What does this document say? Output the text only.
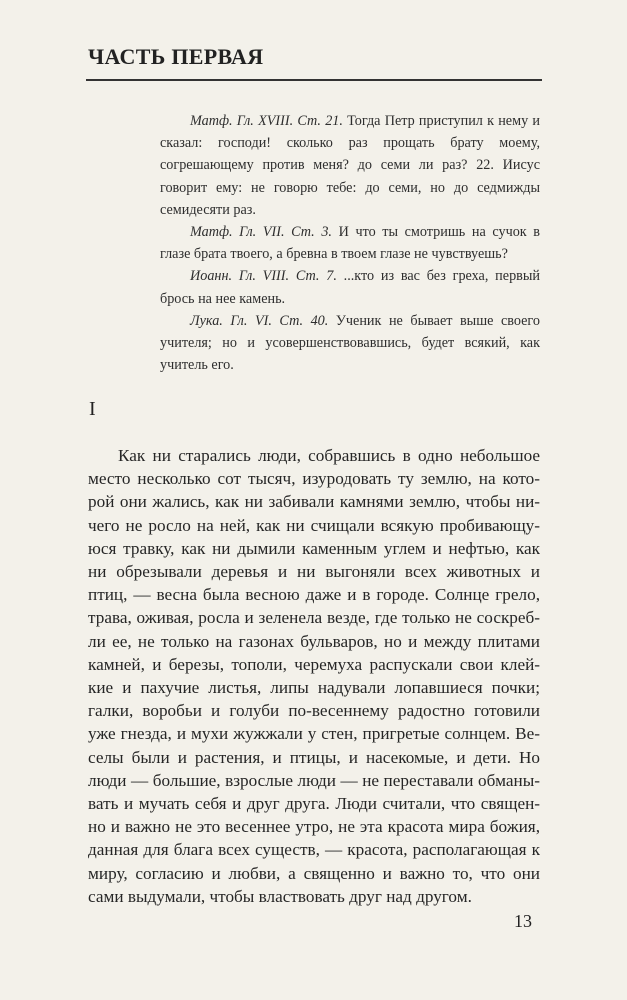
ЧАСТЬ ПЕРВАЯ

Матф. Гл. XVIII. Ст. 21. Тогда Петр приступил к нему и сказал: господи! сколько раз прощать брату моему, согрешающему против меня? до семи ли раз? 22. Иисус говорит ему: не говорю тебе: до семи, но до седмижды семидесяти раз.

Матф. Гл. VII. Ст. 3. И что ты смотришь на сучок в глазе брата твоего, а бревна в твоем глазе не чувствуешь?

Иоанн. Гл. VIII. Ст. 7. ...кто из вас без греха, первый брось на нее камень.

Лука. Гл. VI. Ст. 40. Ученик не бывает выше своего учителя; но и усовершенствовавшись, будет всякий, как учитель его.

I
Как ни старались люди, собравшись в одно небольшое
место несколько сот тысяч, изуродовать ту землю, на кото-
рой они жались, как ни забивали камнями землю, чтобы ни-
чего не росло на ней, как ни счищали всякую пробивающу-
юся травку, как ни дымили каменным углем и нефтью, как
ни обрезывали деревья и ни выгоняли всех животных и
птиц, — весна была весною даже и в городе. Солнце грело,
трава, оживая, росла и зеленела везде, где только не соскреб-
ли ее, не только на газонах бульваров, но и между плитами
камней, и березы, тополи, черемуха распускали свои клей-
кие и пахучие листья, липы надували лопавшиеся почки;
галки, воробьи и голуби по-весеннему радостно готовили
уже гнезда, и мухи жужжали у стен, пригретые солнцем. Ве-
селы были и растения, и птицы, и насекомые, и дети. Но
люди — большие, взрослые люди — не переставали обманы-
вать и мучать себя и друг друга. Люди считали, что священ-
но и важно не это весеннее утро, не эта красота мира божия,
данная для блага всех существ, — красота, располагающая к
миру, согласию и любви, а священно и важно то, что они
сами выдумали, чтобы властвовать друг над другом.
13
